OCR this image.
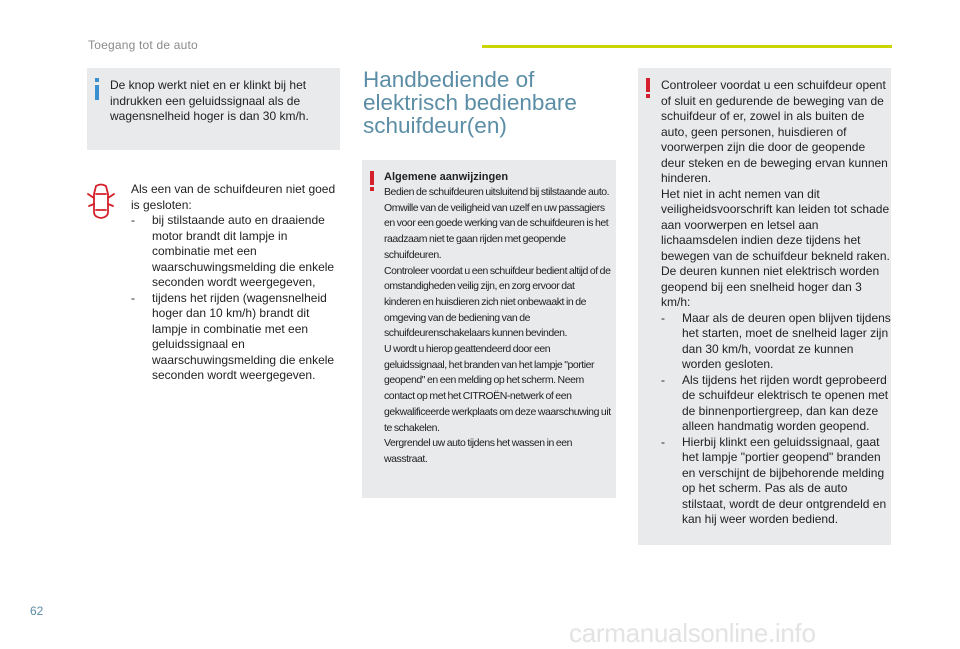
Toegang tot de auto
De knop werkt niet en er klinkt bij het indrukken een geluidssignaal als de wagensnelheid hoger is dan 30 km/h.
Als een van de schuifdeuren niet goed is gesloten:
- bij stilstaande auto en draaiende motor brandt dit lampje in combinatie met een waarschuwingsmelding die enkele seconden wordt weergegeven,
- tijdens het rijden (wagensnelheid hoger dan 10 km/h) brandt dit lampje in combinatie met een geluidssignaal en waarschuwingsmelding die enkele seconden wordt weergegeven.
Handbediende of elektrisch bedienbare schuifdeur(en)
Algemene aanwijzingen
Bedien de schuifdeuren uitsluitend bij stilstaande auto.
Omwille van de veiligheid van uzelf en uw passagiers en voor een goede werking van de schuifdeuren is het raadzaam niet te gaan rijden met geopende schuifdeuren.
Controleer voordat u een schuifdeur bedient altijd of de omstandigheden veilig zijn, en zorg ervoor dat kinderen en huisdieren zich niet onbewaakt in de omgeving van de bediening van de schuifdeurenschakelaars kunnen bevinden.
U wordt u hierop geattendeerd door een geluidssignaal, het branden van het lampje "portier geopend" en een melding op het scherm. Neem contact op met het CITROËN-netwerk of een gekwalificeerde werkplaats om deze waarschuwing uit te schakelen.
Vergrendel uw auto tijdens het wassen in een wasstraat.
Controleer voordat u een schuifdeur opent of sluit en gedurende de beweging van de schuifdeur of er, zowel in als buiten de auto, geen personen, huisdieren of voorwerpen zijn die door de geopende deur steken en de beweging ervan kunnen hinderen.
Het niet in acht nemen van dit veiligheidsvoorschrift kan leiden tot schade aan voorwerpen en letsel aan lichaamsdelen indien deze tijdens het bewegen van de schuifdeur bekneld raken.
De deuren kunnen niet elektrisch worden geopend bij een snelheid hoger dan 3 km/h:
- Maar als de deuren open blijven tijdens het starten, moet de snelheid lager zijn dan 30 km/h, voordat ze kunnen worden gesloten.
- Als tijdens het rijden wordt geprobeerd de schuifdeur elektrisch te openen met de binnenportiergreep, dan kan deze alleen handmatig worden geopend.
- Hierbij klinkt een geluidssignaal, gaat het lampje "portier geopend" branden en verschijnt de bijbehorende melding op het scherm. Pas als de auto stilstaat, wordt de deur ontgrendeld en kan hij weer worden bediend.
62
carmanualsonline.info
